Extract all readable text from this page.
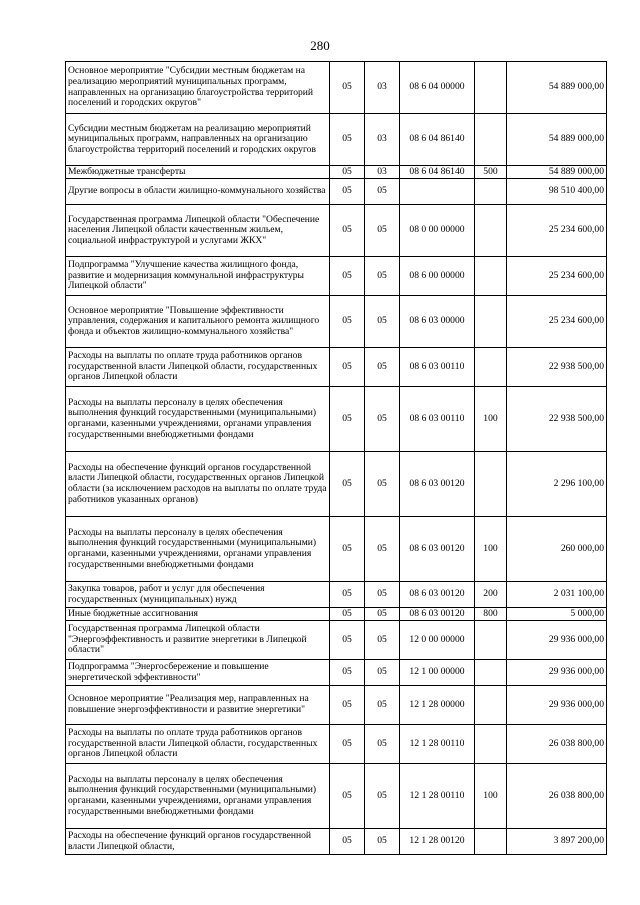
280
Основное мероприятие "Субсидии местным бюджетам на реализацию мероприятий муниципальных программ, направленных на организацию благоустройства территорий поселений и городских округов"	05	03	08 6 04 00000		54 889 000,00
Субсидии местным бюджетам на реализацию мероприятий муниципальных программ, направленных на организацию благоустройства территорий поселений и городских округов	05	03	08 6 04 86140		54 889 000,00
Межбюджетные трансферты	05	03	08 6 04 86140	500	54 889 000,00
Другие вопросы в области жилищно-коммунального хозяйства	05	05			98 510 400,00
Государственная программа Липецкой области "Обеспечение населения Липецкой области качественным жильем, социальной инфраструктурой и услугами ЖКХ"	05	05	08 0 00 00000		25 234 600,00
Подпрограмма "Улучшение качества жилищного фонда, развитие и модернизация коммунальной инфраструктуры Липецкой области"	05	05	08 6 00 00000		25 234 600,00
Основное мероприятие "Повышение эффективности управления, содержания и капитального ремонта жилищного фонда и объектов жилищно-коммунального хозяйства"	05	05	08 6 03 00000		25 234 600,00
Расходы на выплаты по оплате труда работников органов государственной власти Липецкой области, государственных органов Липецкой области	05	05	08 6 03 00110		22 938 500,00
Расходы на выплаты персоналу в целях обеспечения выполнения функций государственными (муниципальными) органами, казенными учреждениями, органами управления государственными внебюджетными фондами	05	05	08 6 03 00110	100	22 938 500,00
Расходы на обеспечение функций органов государственной власти Липецкой области, государственных органов Липецкой области (за исключением расходов на выплаты по оплате труда работников указанных органов)	05	05	08 6 03 00120		2 296 100,00
Расходы на выплаты персоналу в целях обеспечения выполнения функций государственными (муниципальными) органами, казенными учреждениями, органами управления государственными внебюджетными фондами	05	05	08 6 03 00120	100	260 000,00
Закупка товаров, работ и услуг для обеспечения государственных (муниципальных) нужд	05	05	08 6 03 00120	200	2 031 100,00
Иные бюджетные ассигнования	05	05	08 6 03 00120	800	5 000,00
Государственная программа Липецкой области "Энергоэффективность и развитие энергетики в Липецкой области"	05	05	12 0 00 00000		29 936 000,00
Подпрограмма "Энергосбережение и повышение энергетической эффективности"	05	05	12 1 00 00000		29 936 000,00
Основное мероприятие "Реализация мер, направленных на повышение энергоэффективности и развитие энергетики"	05	05	12 1 28 00000		29 936 000,00
Расходы на выплаты по оплате труда работников органов государственной власти Липецкой области, государственных органов Липецкой области	05	05	12 1 28 00110		26 038 800,00
Расходы на выплаты персоналу в целях обеспечения выполнения функций государственными (муниципальными) органами, казенными учреждениями, органами управления государственными внебюджетными фондами	05	05	12 1 28 00110	100	26 038 800,00
Расходы на обеспечение функций органов государственной власти Липецкой области,	05	05	12 1 28 00120		3 897 200,00
